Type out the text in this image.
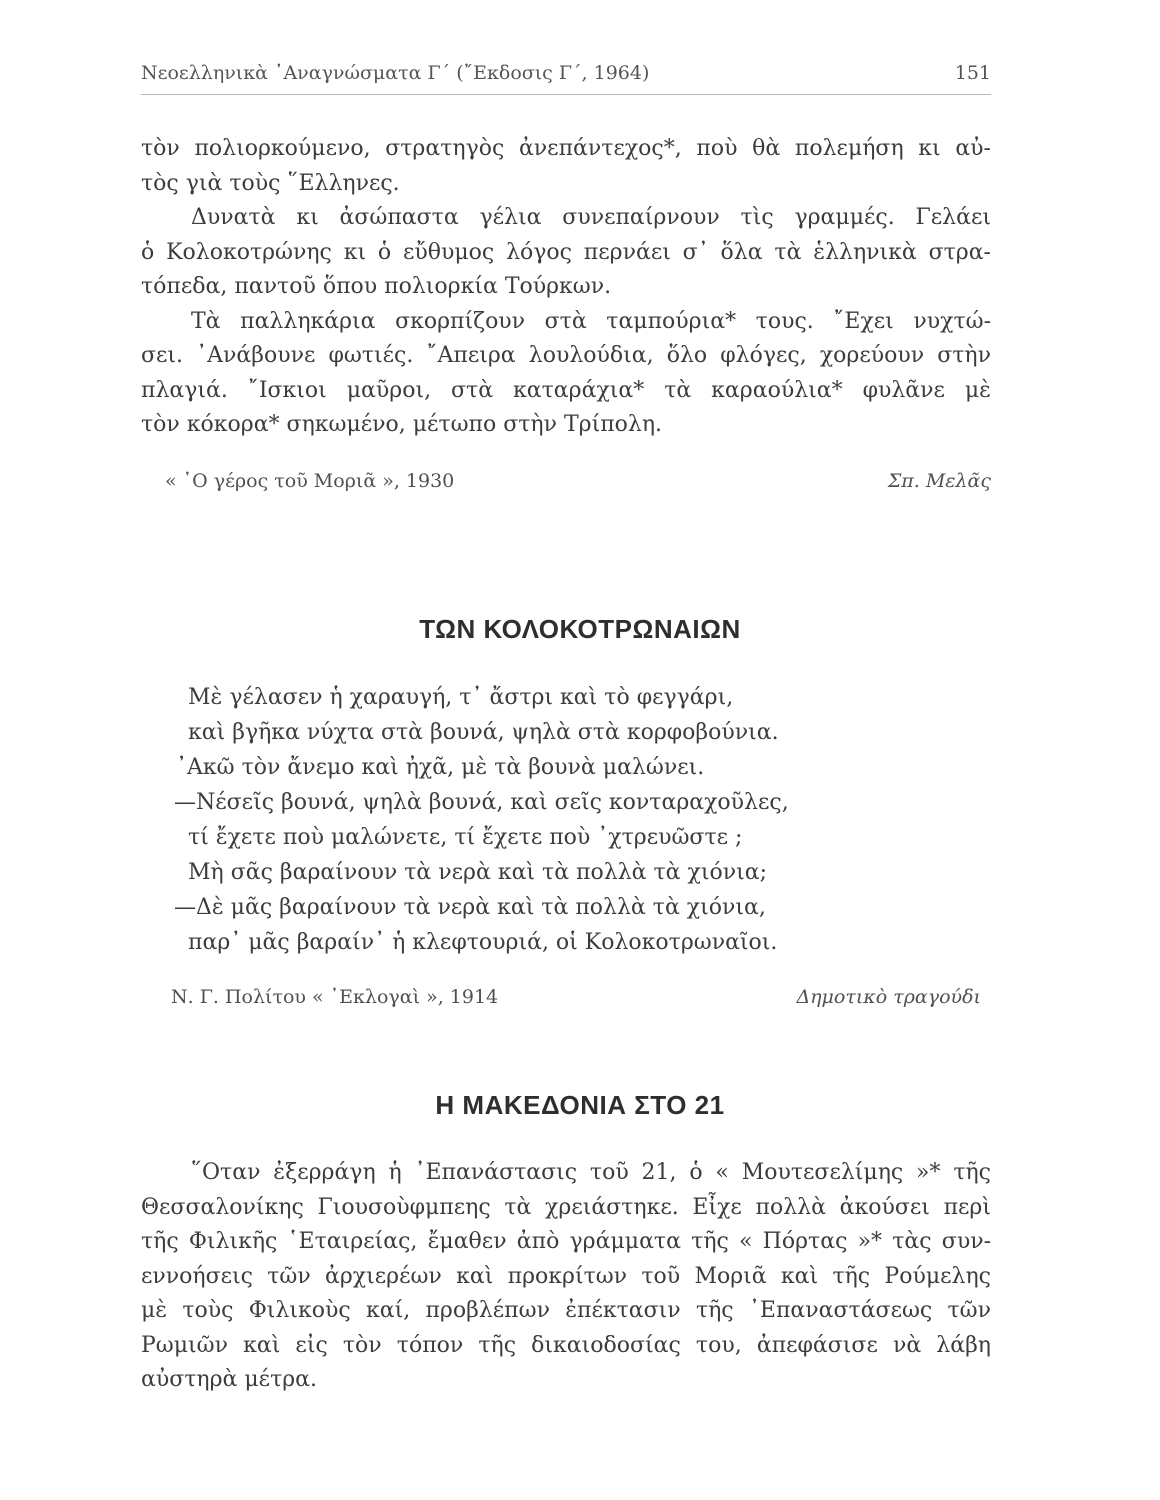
Νεοελληνικὰ ᾿Αναγνώσματα Γ΄ (῎Εκδοσις Γ΄, 1964)	151
τὸν πολιορκούμενο, στρατηγὸς ἀνεπάντεχος*, ποὺ θὰ πολεμήση κι αὐ-
τὸς γιὰ τοὺς ῞Ελληνες.
Δυνατὰ κι ἀσώπαστα γέλια συνεπαίρνουν τὶς γραμμές. Γελάει
ὁ Κολοκοτρώνης κι ὁ εὔθυμος λόγος περνάει σ᾽ ὅλα τὰ ἑλληνικὰ στρα-
τόπεδα, παντοῦ ὅπου πολιορκία Τούρκων.
Τὰ παλληκάρια σκορπίζουν στὰ ταμπούρια* τους. ῎Εχει νυχτώ-
σει. ᾿Ανάβουνε φωτιές. ῎Απειρα λουλούδια, ὅλο φλόγες, χορεύουν στὴν
πλαγιά. ῎Ισκιοι μαῦροι, στὰ καταράχια* τὰ καραούλια* φυλᾶνε μὲ
τὸν κόκορα* σηκωμένο, μέτωπο στὴν Τρίπολη.
« ῾Ο γέρος τοῦ Μοριᾶ », 1930	Σπ. Μελᾶς
ΤΩΝ ΚΟΛΟΚΟΤΡΩΝΑΙΩΝ
Μὲ γέλασεν ἡ χαραυγή, τ᾽ ἄστρι καὶ τὸ φεγγάρι,
καὶ βγῆκα νύχτα στὰ βουνά, ψηλὰ στὰ κορφοβούνια.
᾿Ακῶ τὸν ἄνεμο καὶ ἠχᾶ, μὲ τὰ βουνὰ μαλώνει.
—Νέσεῖς βουνά, ψηλὰ βουνά, καὶ σεῖς κονταραχοῦλες,
τί ἔχετε ποὺ μαλώνετε, τί ἔχετε ποὺ ᾿χτρευῶστε ;
Μὴ σᾶς βαραίνουν τὰ νερὰ καὶ τὰ πολλὰ τὰ χιόνια;
—Δὲ μᾶς βαραίνουν τὰ νερὰ καὶ τὰ πολλὰ τὰ χιόνια,
παρ᾽ μᾶς βαραίν᾽ ἡ κλεφτουριά, οἱ Κολοκοτρωναῖοι.
Ν. Γ. Πολίτου « ᾿Εκλογαὶ », 1914	Δημοτικὸ τραγούδι
Η ΜΑΚΕΔΟΝΙΑ ΣΤΟ 21
῞Οταν ἐξερράγη ἡ ᾿Επανάστασις τοῦ 21, ὁ « Μουτεσελίμης »* τῆς
Θεσσαλονίκης Γιουσοὺφμπεης τὰ χρειάστηκε. Εἶχε πολλὰ ἀκούσει περὶ
τῆς Φιλικῆς ῾Εταιρείας, ἔμαθεν ἀπὸ γράμματα τῆς « Πόρτας »* τὰς συν-
εννοήσεις τῶν ἀρχιερέων καὶ προκρίτων τοῦ Μοριᾶ καὶ τῆς Ρούμελης
μὲ τοὺς Φιλικοὺς καί, προβλέπων ἐπέκτασιν τῆς ᾿Επαναστάσεως τῶν
Ρωμιῶν καὶ εἰς τὸν τόπον τῆς δικαιοδοσίας του, ἀπεφάσισε νὰ λάβη
αὐστηρὰ μέτρα.
